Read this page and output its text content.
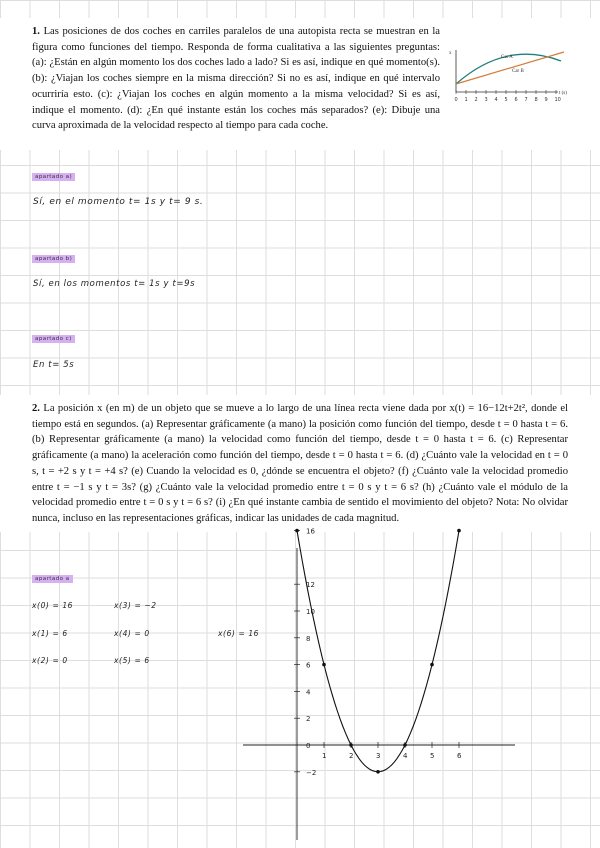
1. Las posiciones de dos coches en carriles paralelos de una autopista recta se muestran en la figura como funciones del tiempo. Responda de forma cualitativa a las siguientes preguntas: (a): ¿Están en algún momento los dos coches lado a lado? Si es así, indique en qué momento(s). (b): ¿Viajan los coches siempre en la misma dirección? Si no es así, indique en qué intervalo ocurriría esto. (c): ¿Viajan los coches en algún momento a la misma velocidad? Si es así, indique el momento. (d): ¿En qué instante están los coches más separados? (e): Dibuje una curva aproximada de la velocidad respecto al tiempo para cada coche.
x
Car A
Car B
t (s)
0 1 2 3 4 5 6 7 8 9 10
apartado a)
Sí, en el momento t= 1s y t= 9 s.
apartado b)
Sí, en los momentos t= 1s y t=9s
apartado c)
En t= 5s
2. La posición x (en m) de un objeto que se mueve a lo largo de una línea recta viene dada por x(t) = 16−12t+2t², donde el tiempo está en segundos. (a) Representar gráficamente (a mano) la posición como función del tiempo, desde t = 0 hasta t = 6. (b) Representar gráficamente (a mano) la velocidad como función del tiempo, desde t = 0 hasta t = 6. (c) Representar gráficamente (a mano) la aceleración como función del tiempo, desde t = 0 hasta t = 6. (d) ¿Cuánto vale la velocidad en t = 0 s, t = +2 s y t = +4 s? (e) Cuando la velocidad es 0, ¿dónde se encuentra el objeto? (f) ¿Cuánto vale la velocidad promedio entre t = −1 s y t = 3s? (g) ¿Cuánto vale la velocidad promedio entre t = 0 s y t = 6 s? (h) ¿Cuánto vale el módulo de la velocidad promedio entre t = 0 s y t = 6 s? (i) ¿En qué instante cambia de sentido el movimiento del objeto? Nota: No olvidar nunca, incluso en las representaciones gráficas, indicar las unidades de cada magnitud.
apartado a
x(0) = 16	x(3) = −2
x(1) = 6	x(4) = 0	x(6) = 16
x(2) = 0	x(5) = 6
16
12
10
8
6
4
2
0
−2
1	2	3	4	5	6
